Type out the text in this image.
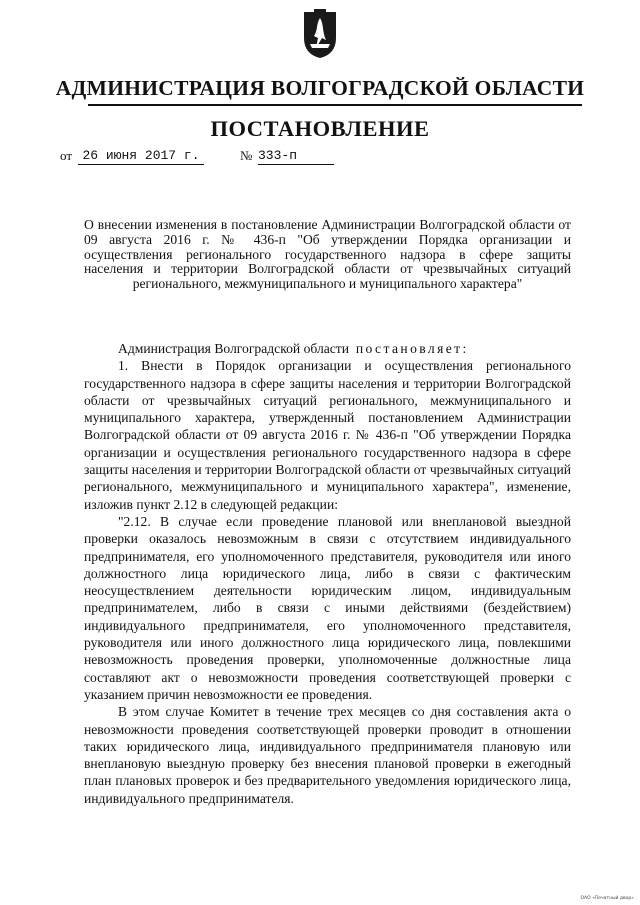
АДМИНИСТРАЦИЯ ВОЛГОГРАДСКОЙ ОБЛАСТИ
ПОСТАНОВЛЕНИЕ
от 26 июня 2017 г.	№ 333-п
О внесении изменения в постановление Администрации Волгоградской области от 09 августа 2016 г. № 436-п "Об утверждении Порядка организации и осуществления регионального государственного надзора в сфере защиты населения и территории Волгоградской области от чрезвычайных ситуаций регионального, межмуниципального и муниципального характера"

Администрация Волгоградской области постановляет:

1. Внести в Порядок организации и осуществления регионального государственного надзора в сфере защиты населения и территории Волгоградской области от чрезвычайных ситуаций регионального, межмуниципального и муниципального характера, утвержденный постановлением Администрации Волгоградской области от 09 августа 2016 г. № 436-п "Об утверждении Порядка организации и осуществления регионального государственного надзора в сфере защиты населения и территории Волгоградской области от чрезвычайных ситуаций регионального, межмуниципального и муниципального характера", изменение, изложив пункт 2.12 в следующей редакции:

"2.12. В случае если проведение плановой или внеплановой выездной проверки оказалось невозможным в связи с отсутствием индивидуального предпринимателя, его уполномоченного представителя, руководителя или иного должностного лица юридического лица, либо в связи с фактическим неосуществлением деятельности юридическим лицом, индивидуальным предпринимателем, либо в связи с иными действиями (бездействием) индивидуального предпринимателя, его уполномоченного представителя, руководителя или иного должностного лица юридического лица, повлекшими невозможность проведения проверки, уполномоченные должностные лица составляют акт о невозможности проведения соответствующей проверки с указанием причин невозможности ее проведения.

В этом случае Комитет в течение трех месяцев со дня составления акта о невозможности проведения соответствующей проверки проводит в отношении таких юридического лица, индивидуального предпринимателя плановую или внеплановую выездную проверку без внесения плановой проверки в ежегодный план плановых проверок и без предварительного уведомления юридического лица, индивидуального предпринимателя.

ОАО «Печатный двор»
